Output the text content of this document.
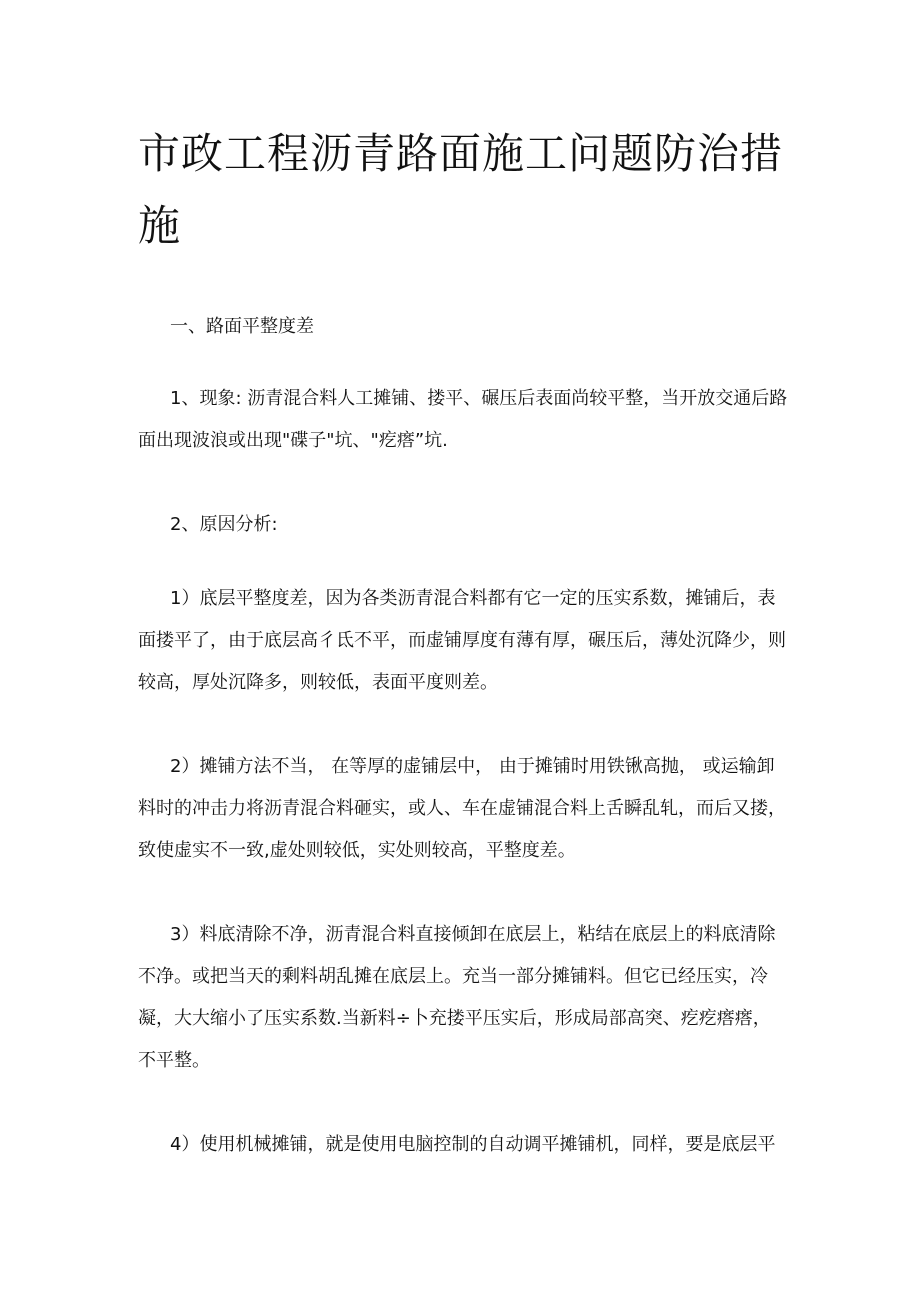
市政工程沥青路面施工问题防治措施

一、路面平整度差

1、现象: 沥青混合料人工摊铺、搂平、碾压后表面尚较平整，当开放交通后路面出现波浪或出现"碟子"坑、"疙瘩”坑.

2、原因分析:

1）底层平整度差，因为各类沥青混合料都有它一定的压实系数，摊铺后，表面搂平了，由于底层高彳氐不平，而虚铺厚度有薄有厚，碾压后，薄处沉降少，则较高，厚处沉降多，则较低，表面平度则差。

2）摊铺方法不当， 在等厚的虚铺层中， 由于摊铺时用铁锹高抛， 或运输卸料时的冲击力将沥青混合料砸实，或人、车在虚铺混合料上舌瞬乱轧，而后又搂，致使虚实不一致,虚处则较低，实处则较高，平整度差。

3）料底清除不净，沥青混合料直接倾卸在底层上，粘结在底层上的料底清除不净。或把当天的剩料胡乱摊在底层上。充当一部分摊铺料。但它已经压实，冷凝，大大缩小了压实系数.当新料÷卜充搂平压实后，形成局部高突、疙疙瘩瘩，不平整。

4）使用机械摊铺，就是使用电脑控制的自动调平摊铺机，同样，要是底层平
